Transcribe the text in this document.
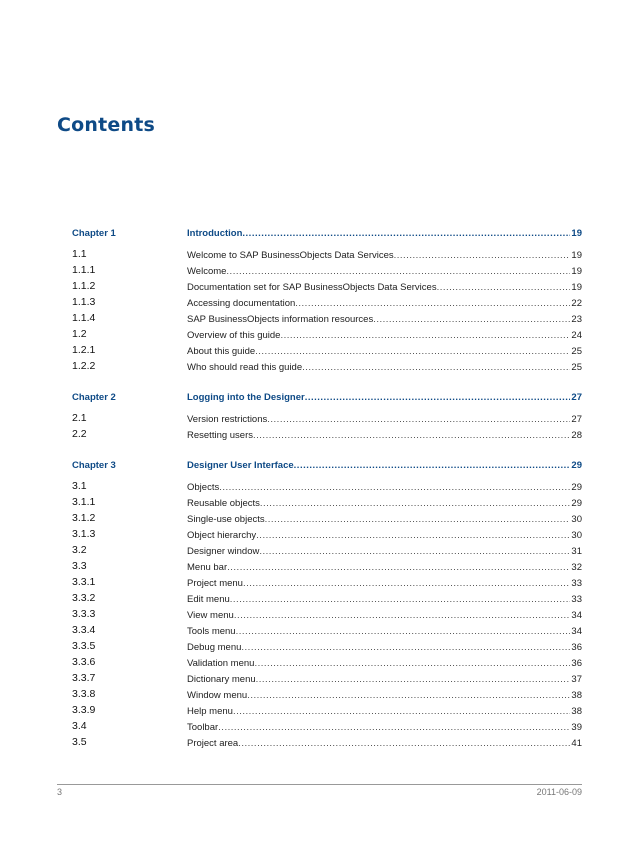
Contents
Chapter 1	Introduction .....	19
1.1	Welcome to SAP BusinessObjects Data Services .....	19
1.1.1	Welcome .....	19
1.1.2	Documentation set for SAP BusinessObjects Data Services .....	19
1.1.3	Accessing documentation .....	22
1.1.4	SAP BusinessObjects information resources .....	23
1.2	Overview of this guide .....	24
1.2.1	About this guide .....	25
1.2.2	Who should read this guide .....	25
Chapter 2	Logging into the Designer .....	27
2.1	Version restrictions .....	27
2.2	Resetting users .....	28
Chapter 3	Designer User Interface .....	29
3.1	Objects .....	29
3.1.1	Reusable objects .....	29
3.1.2	Single-use objects .....	30
3.1.3	Object hierarchy .....	30
3.2	Designer window .....	31
3.3	Menu bar .....	32
3.3.1	Project menu .....	33
3.3.2	Edit menu .....	33
3.3.3	View menu .....	34
3.3.4	Tools menu .....	34
3.3.5	Debug menu .....	36
3.3.6	Validation menu .....	36
3.3.7	Dictionary menu .....	37
3.3.8	Window menu .....	38
3.3.9	Help menu .....	38
3.4	Toolbar .....	39
3.5	Project area .....	41
3	2011-06-09
